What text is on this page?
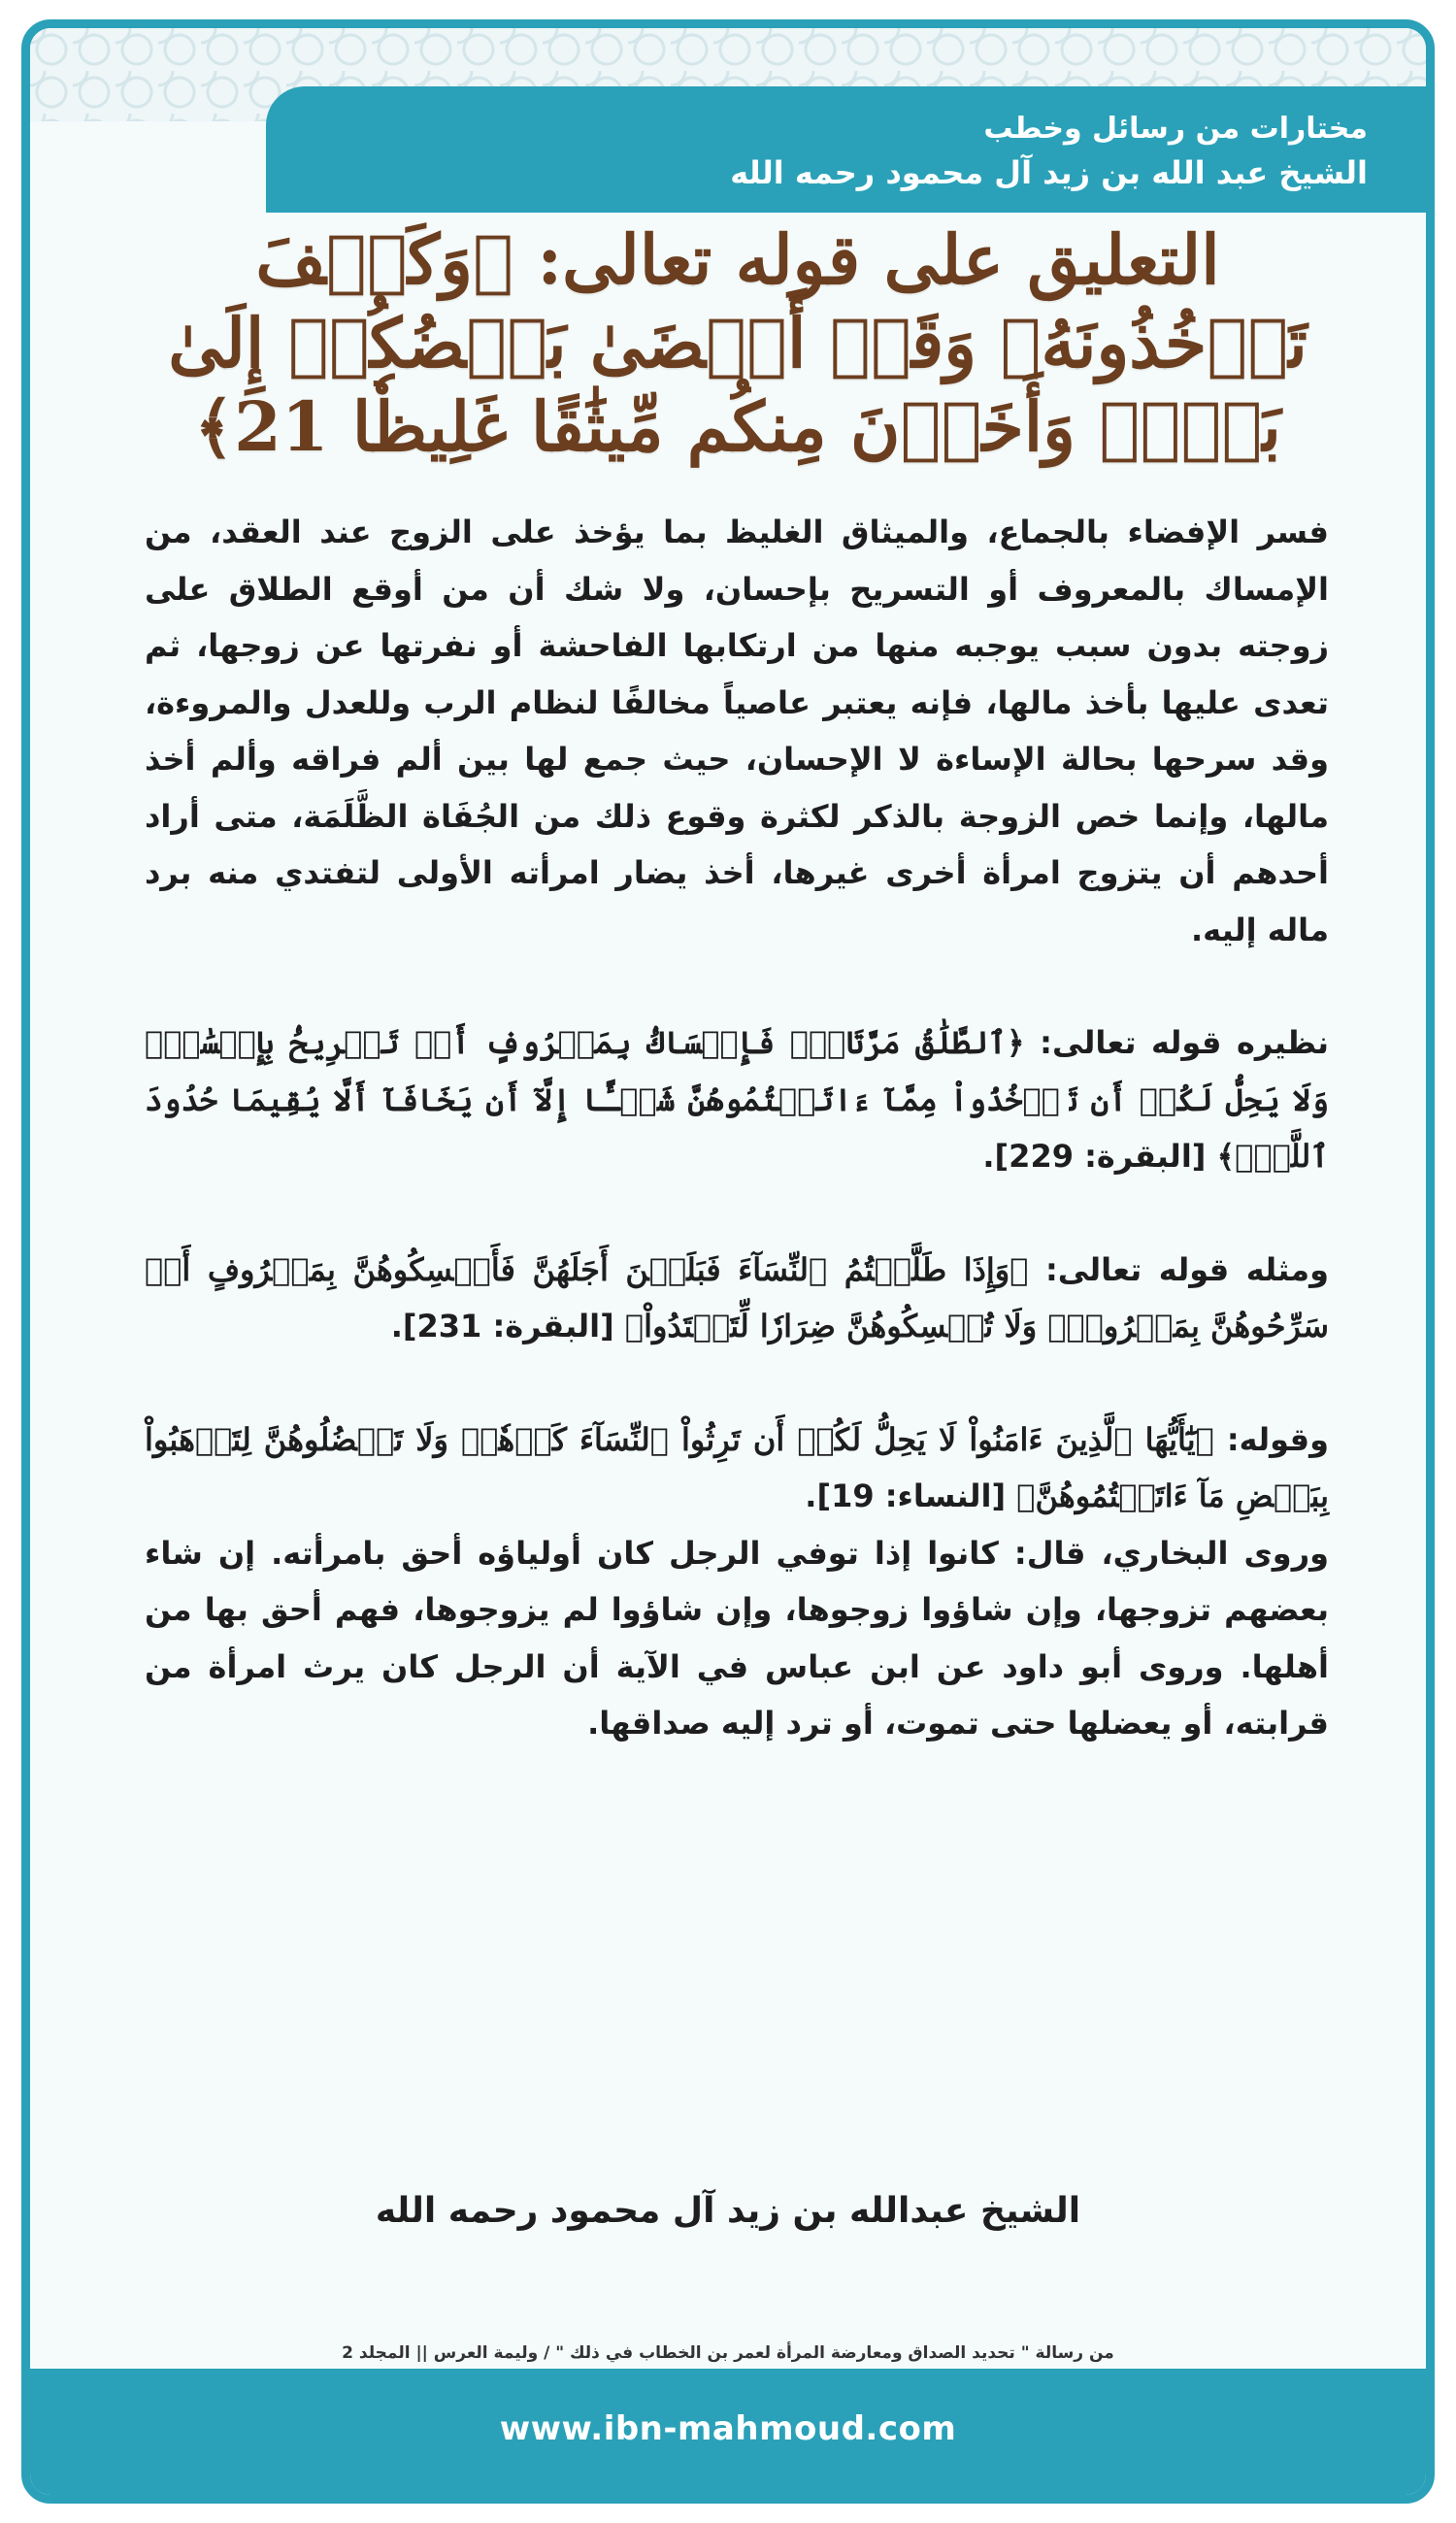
مختارات من رسائل وخطب
الشيخ عبد الله بن زيد آل محمود رحمه الله
التعليق على قوله تعالى: ﴿وَكَيۡفَ تَأۡخُذُونَهُۥ وَقَدۡ أَفۡضَىٰ بَعۡضُكُمۡ إِلَىٰ بَعۡضٖ وَأَخَذۡنَ مِنكُم مِّيثَٰقًا غَلِيظٗا 21﴾

فسر الإفضاء بالجماع، والميثاق الغليظ بما يؤخذ على الزوج عند العقد، من الإمساك بالمعروف أو التسريح بإحسان، ولا شك أن من أوقع الطلاق على زوجته بدون سبب يوجبه منها من ارتكابها الفاحشة أو نفرتها عن زوجها، ثم تعدى عليها بأخذ مالها، فإنه يعتبر عاصياً مخالفًا لنظام الرب وللعدل والمروءة، وقد سرحها بحالة الإساءة لا الإحسان، حيث جمع لها بين ألم فراقه وألم أخذ مالها، وإنما خص الزوجة بالذكر لكثرة وقوع ذلك من الجُفَاة الظَّلَمَة، متى أراد أحدهم أن يتزوج امرأة أخرى غيرها، أخذ يضار امرأته الأولى لتفتدي منه برد ماله إليه.

نظيره قوله تعالى: ﴿ٱلطَّلَٰقُ مَرَّتَانِۖ فَإِمۡسَاكُۢ بِمَعۡرُوفٍ أَوۡ تَسۡرِيحُۢ بِإِحۡسَٰنٖۗ وَلَا يَحِلُّ لَكُمۡ أَن تَأۡخُذُواْ مِمَّآ ءَاتَيۡتُمُوهُنَّ شَيۡـًٔا إِلَّآ أَن يَخَافَآ أَلَّا يُقِيمَا حُدُودَ ٱللَّهِۖ﴾ [البقرة: 229].

ومثله قوله تعالى: ﴿وَإِذَا طَلَّقۡتُمُ ٱلنِّسَآءَ فَبَلَغۡنَ أَجَلَهُنَّ فَأَمۡسِكُوهُنَّ بِمَعۡرُوفٍ أَوۡ سَرِّحُوهُنَّ بِمَعۡرُوفٖۚ وَلَا تُمۡسِكُوهُنَّ ضِرَارٗا لِّتَعۡتَدُواْ﴾ [البقرة: 231].

وقوله: ﴿يَٰٓأَيُّهَا ٱلَّذِينَ ءَامَنُواْ لَا يَحِلُّ لَكُمۡ أَن تَرِثُواْ ٱلنِّسَآءَ كَرۡهٗاۖ وَلَا تَعۡضُلُوهُنَّ لِتَذۡهَبُواْ بِبَعۡضِ مَآ ءَاتَيۡتُمُوهُنَّ﴾ [النساء: 19].

وروى البخاري، قال: كانوا إذا توفي الرجل كان أولياؤه أحق بامرأته. إن شاء بعضهم تزوجها، وإن شاؤوا زوجوها، وإن شاؤوا لم يزوجوها، فهم أحق بها من أهلها. وروى أبو داود عن ابن عباس في الآية أن الرجل كان يرث امرأة من قرابته، أو يعضلها حتى تموت، أو ترد إليه صداقها.

الشيخ عبدالله بن زيد آل محمود رحمه الله
من رسالة " تحديد الصداق ومعارضة المرأة لعمر بن الخطاب في ذلك " / وليمة العرس || المجلد 2
www.ibn-mahmoud.com
